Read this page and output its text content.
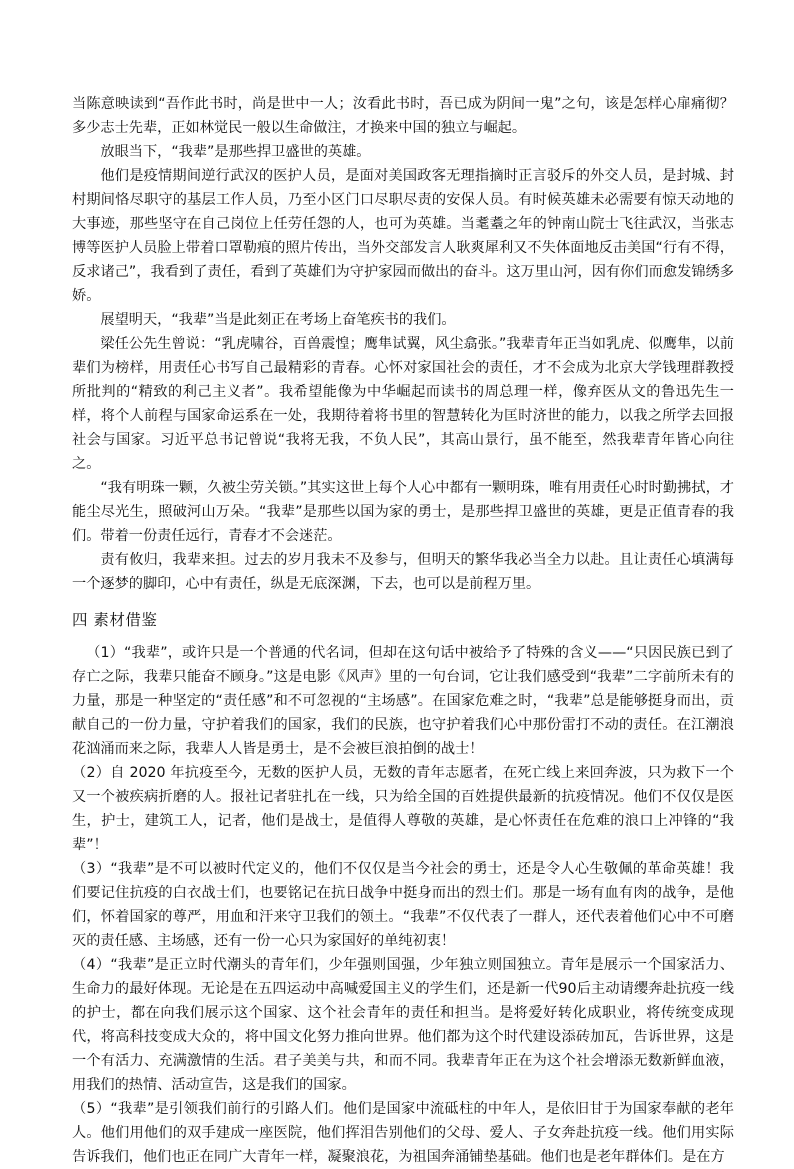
当陈意映读到“吾作此书时，尚是世中一人；汝看此书时，吾已成为阴间一鬼”之句，该是怎样心扉痛彻？多少志士先辈，正如林觉民一般以生命做注，才换来中国的独立与崛起。

放眼当下，“我辈”是那些捍卫盛世的英雄。

他们是疫情期间逆行武汉的医护人员，是面对美国政客无理指摘时正言驳斥的外交人员，是封城、封村期间恪尽职守的基层工作人员，乃至小区门口尽职尽责的安保人员。有时候英雄未必需要有惊天动地的大事迹，那些坚守在自己岗位上任劳任怨的人，也可为英雄。当耄耋之年的钟南山院士飞往武汉，当张志博等医护人员脸上带着口罩勒痕的照片传出，当外交部发言人耿爽犀利又不失体面地反击美国“行有不得，反求诸己”，我看到了责任，看到了英雄们为守护家园而做出的奋斗。这万里山河，因有你们而愈发锦绣多娇。

展望明天，“我辈”当是此刻正在考场上奋笔疾书的我们。

梁任公先生曾说：“乳虎啸谷，百兽震惶；鹰隼试翼，风尘翕张。”我辈青年正当如乳虎、似鹰隼，以前辈们为榜样，用责任心书写自己最精彩的青春。心怀对家国社会的责任，才不会成为北京大学钱理群教授所批判的“精致的利己主义者”。我希望能像为中华崛起而读书的周总理一样，像弃医从文的鲁迅先生一样，将个人前程与国家命运系在一处，我期待着将书里的智慧转化为匡时济世的能力，以我之所学去回报社会与国家。习近平总书记曾说“我将无我，不负人民”，其高山景行，虽不能至，然我辈青年皆心向往之。

“我有明珠一颗，久被尘劳关锁。”其实这世上每个人心中都有一颗明珠，唯有用责任心时时勤拂拭，才能尘尽光生，照破河山万朵。“我辈”是那些以国为家的勇士，是那些捍卫盛世的英雄，更是正值青春的我们。带着一份责任远行，青春才不会迷茫。

责有攸归，我辈来担。过去的岁月我未不及参与，但明天的繁华我必当全力以赴。且让责任心填满每一个逐梦的脚印，心中有责任，纵是无底深渊，下去，也可以是前程万里。

四 素材借鉴

（1）“我辈”，或许只是一个普通的代名词，但却在这句话中被给予了特殊的含义——“只因民族已到了存亡之际，我辈只能奋不顾身。”这是电影《风声》里的一句台词，它让我们感受到“我辈”二字前所未有的力量，那是一种坚定的“责任感”和不可忽视的“主场感”。在国家危难之时，“我辈”总是能够挺身而出，贡献自己的一份力量，守护着我们的国家，我们的民族，也守护着我们心中那份雷打不动的责任。在江潮浪花汹涌而来之际，我辈人人皆是勇士，是不会被巨浪拍倒的战士！

（2）自 2020 年抗疫至今，无数的医护人员，无数的青年志愿者，在死亡线上来回奔波，只为救下一个又一个被疾病折磨的人。报社记者驻扎在一线，只为给全国的百姓提供最新的抗疫情况。他们不仅仅是医生，护士，建筑工人，记者，他们是战士，是值得人尊敬的英雄，是心怀责任在危难的浪口上冲锋的“我辈”！

（3）“我辈”是不可以被时代定义的，他们不仅仅是当今社会的勇士，还是令人心生敬佩的革命英雄！我们要记住抗疫的白衣战士们，也要铭记在抗日战争中挺身而出的烈士们。那是一场有血有肉的战争，是他们，怀着国家的尊严，用血和汗来守卫我们的领土。“我辈”不仅代表了一群人，还代表着他们心中不可磨灭的责任感、主场感，还有一份一心只为家国好的单纯初衷！

（4）“我辈”是正立时代潮头的青年们，少年强则国强，少年独立则国独立。青年是展示一个国家活力、生命力的最好体现。无论是在五四运动中高喊爱国主义的学生们，还是新一代90后主动请缨奔赴抗疫一线的护士，都在向我们展示这个国家、这个社会青年的责任和担当。是将爱好转化成职业，将传统变成现代，将高科技变成大众的，将中国文化努力推向世界。他们都为这个时代建设添砖加瓦，告诉世界，这是一个有活力、充满激情的生活。君子美美与共，和而不同。我辈青年正在为这个社会增添无数新鲜血液，用我们的热情、活动宣告，这是我们的国家。

（5）“我辈”是引领我们前行的引路人们。他们是国家中流砥柱的中年人，是依旧甘于为国家奉献的老年人。他们用他们的双手建成一座医院，他们挥泪告别他们的父母、爱人、子女奔赴抗疫一线。他们用实际告诉我们，他们也正在同广大青年一样，凝聚浪花，为祖国奔涌铺垫基础。他们也是老年群体们。是在方
